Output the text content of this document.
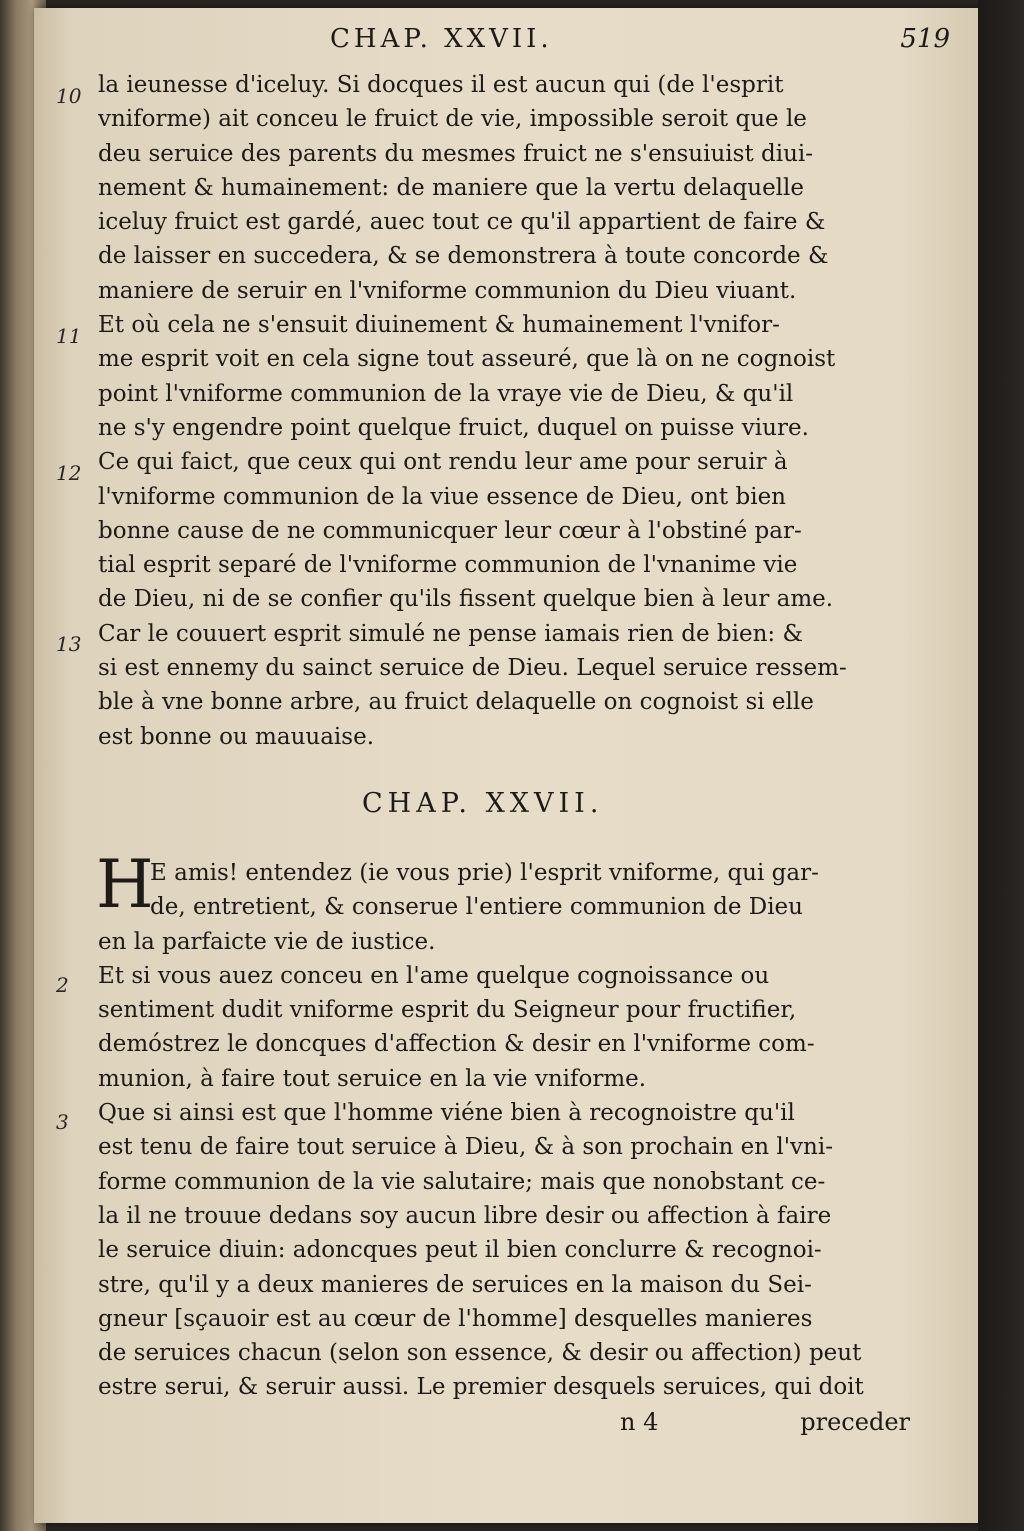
CHAP. XXVII.	519
la ieunesse d'iceluy. Si docques il est aucun qui (de l'esprit
vniforme) ait conceu le fruict de vie, impossible seroit que le
deu seruice des parents du mesmes fruict ne s'ensuiuist diui-
nement & humainement: de maniere que la vertu delaquelle
iceluy fruict est gardé, auec tout ce qu'il appartient de faire &
de laisser en succedera, & se demonstrera à toute concorde &
maniere de seruir en l'vniforme communion du Dieu viuant.
Et où cela ne s'ensuit diuinement & humainement l'vnifor-
me esprit voit en cela signe tout asseuré, que là on ne cognoist
point l'vniforme communion de la vraye vie de Dieu, & qu'il
ne s'y engendre point quelque fruict, duquel on puisse viure.
Ce qui faict, que ceux qui ont rendu leur ame pour seruir à
l'vniforme communion de la viue essence de Dieu, ont bien
bonne cause de ne communicquer leur cœur à l'obstiné par-
tial esprit separé de l'vniforme communion de l'vnanime vie
de Dieu, ni de se confier qu'ils fissent quelque bien à leur ame.
Car le couuert esprit simulé ne pense iamais rien de bien: &
si est ennemy du sainct seruice de Dieu. Lequel seruice ressem-
ble à vne bonne arbre, au fruict delaquelle on cognoist si elle
est bonne ou mauuaise.
10
11
12
13
2
3
CHAP. XXVII.
H
E amis! entendez (ie vous prie) l'esprit vniforme, qui gar-
de, entretient, & conserue l'entiere communion de Dieu
en la parfaicte vie de iustice.
Et si vous auez conceu en l'ame quelque cognoissance ou
sentiment dudit vniforme esprit du Seigneur pour fructifier,
demóstrez le doncques d'affection & desir en l'vniforme com-
munion, à faire tout seruice en la vie vniforme.
Que si ainsi est que l'homme viéne bien à recognoistre qu'il
est tenu de faire tout seruice à Dieu, & à son prochain en l'vni-
forme communion de la vie salutaire; mais que nonobstant ce-
la il ne trouue dedans soy aucun libre desir ou affection à faire
le seruice diuin: adoncques peut il bien conclurre & recognoi-
stre, qu'il y a deux manieres de seruices en la maison du Sei-
gneur [sçauoir est au cœur de l'homme] desquelles manieres
de seruices chacun (selon son essence, & desir ou affection) peut
estre serui, & seruir aussi. Le premier desquels seruices, qui doit
n 4	preceder
